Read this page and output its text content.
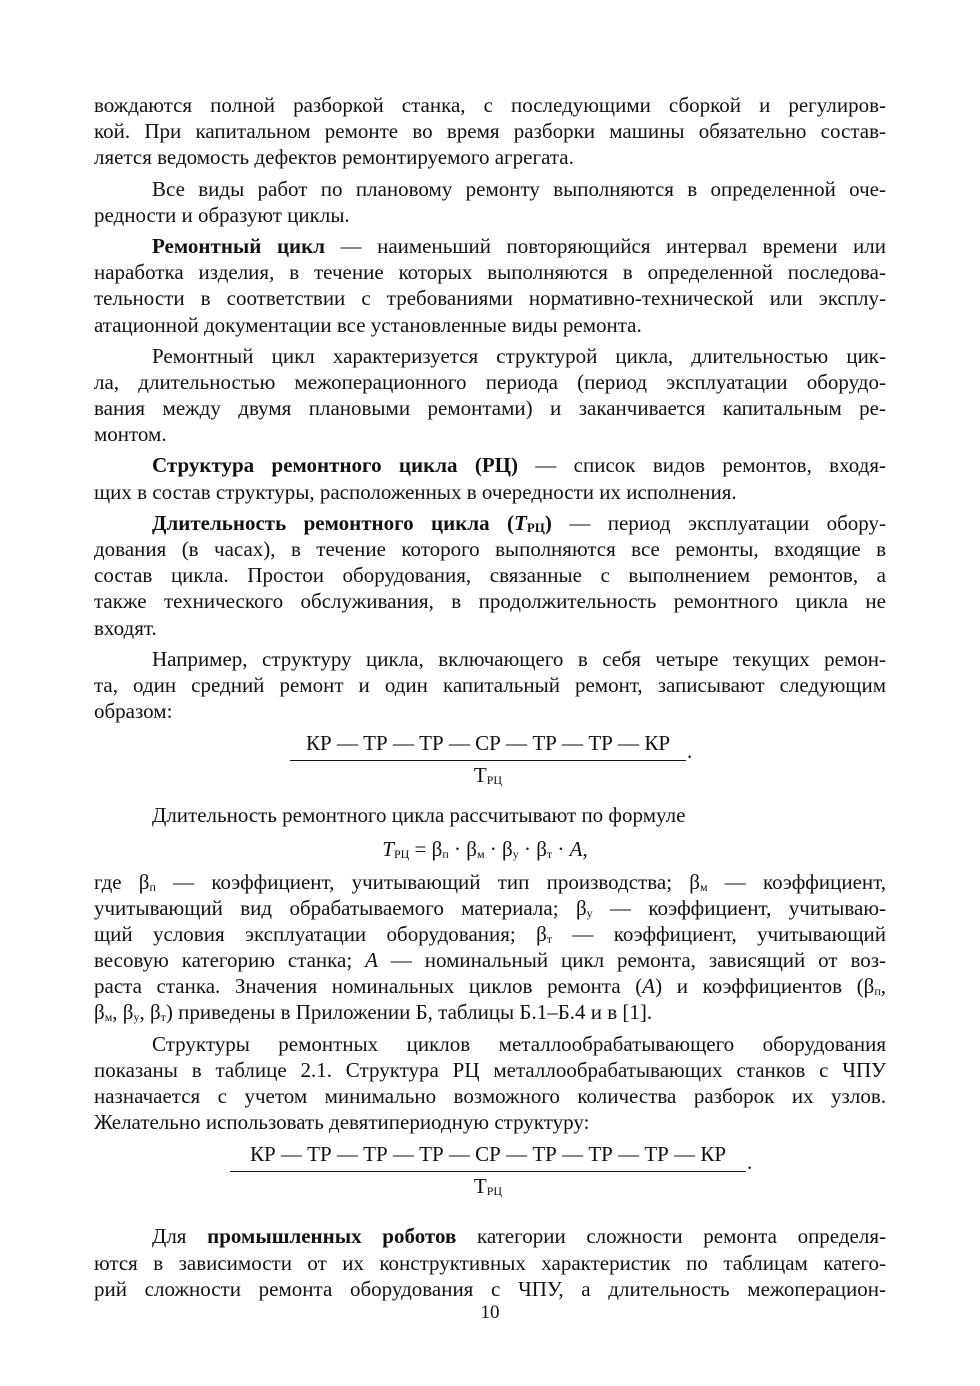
вождаются полной разборкой станка, с последующими сборкой и регулиров-
кой. При капитальном ремонте во время разборки машины обязательно состав-
ляется ведомость дефектов ремонтируемого агрегата.
Все виды работ по плановому ремонту выполняются в определенной оче-
редности и образуют циклы.
Ремонтный цикл — наименьший повторяющийся интервал времени или
наработка изделия, в течение которых выполняются в определенной последова-
тельности в соответствии с требованиями нормативно-технической или эксплу-
атационной документации все установленные виды ремонта.
Ремонтный цикл характеризуется структурой цикла, длительностью цик-
ла, длительностью межоперационного периода (период эксплуатации оборудо-
вания между двумя плановыми ремонтами) и заканчивается капитальным ре-
монтом.
Структура ремонтного цикла (РЦ) — список видов ремонтов, входя-
щих в состав структуры, расположенных в очередности их исполнения.
Длительность ремонтного цикла (TРЦ) — период эксплуатации обору-
дования (в часах), в течение которого выполняются все ремонты, входящие в
состав цикла. Простои оборудования, связанные с выполнением ремонтов, а
также технического обслуживания, в продолжительность ремонтного цикла не
входят.
Например, структуру цикла, включающего в себя четыре текущих ремон-
та, один средний ремонт и один капитальный ремонт, записывают следующим
образом:
КР — ТР — ТР — СР — ТР — ТР — КР
$Т_{РЦ}$
.
Длительность ремонтного цикла рассчитывают по формуле
$T_{РЦ} = \beta_п \cdot \beta_м \cdot \beta_у \cdot \beta_т \cdot A$,
где $\beta_п$ — коэффициент, учитывающий тип производства; $\beta_м$ — коэффициент,
учитывающий вид обрабатываемого материала; $\beta_у$ — коэффициент, учитываю-
щий условия эксплуатации оборудования; $\beta_т$ — коэффициент, учитывающий
весовую категорию станка; A — номинальный цикл ремонта, зависящий от воз-
раста станка. Значения номинальных циклов ремонта (A) и коэффициентов ($\beta_п$,
$\beta_м$, $\beta_у$, $\beta_т$) приведены в Приложении Б, таблицы Б.1–Б.4 и в [1].
Структуры ремонтных циклов металлообрабатывающего оборудования
показаны в таблице 2.1. Структура РЦ металлообрабатывающих станков с ЧПУ
назначается с учетом минимально возможного количества разборок их узлов.
Желательно использовать девятипериодную структуру:
КР — ТР — ТР — ТР — СР — ТР — ТР — ТР — КР
$Т_{РЦ}$
.
Для промышленных роботов категории сложности ремонта определя-
ются в зависимости от их конструктивных характеристик по таблицам катего-
рий сложности ремонта оборудования с ЧПУ, а длительность межоперацион-
10
